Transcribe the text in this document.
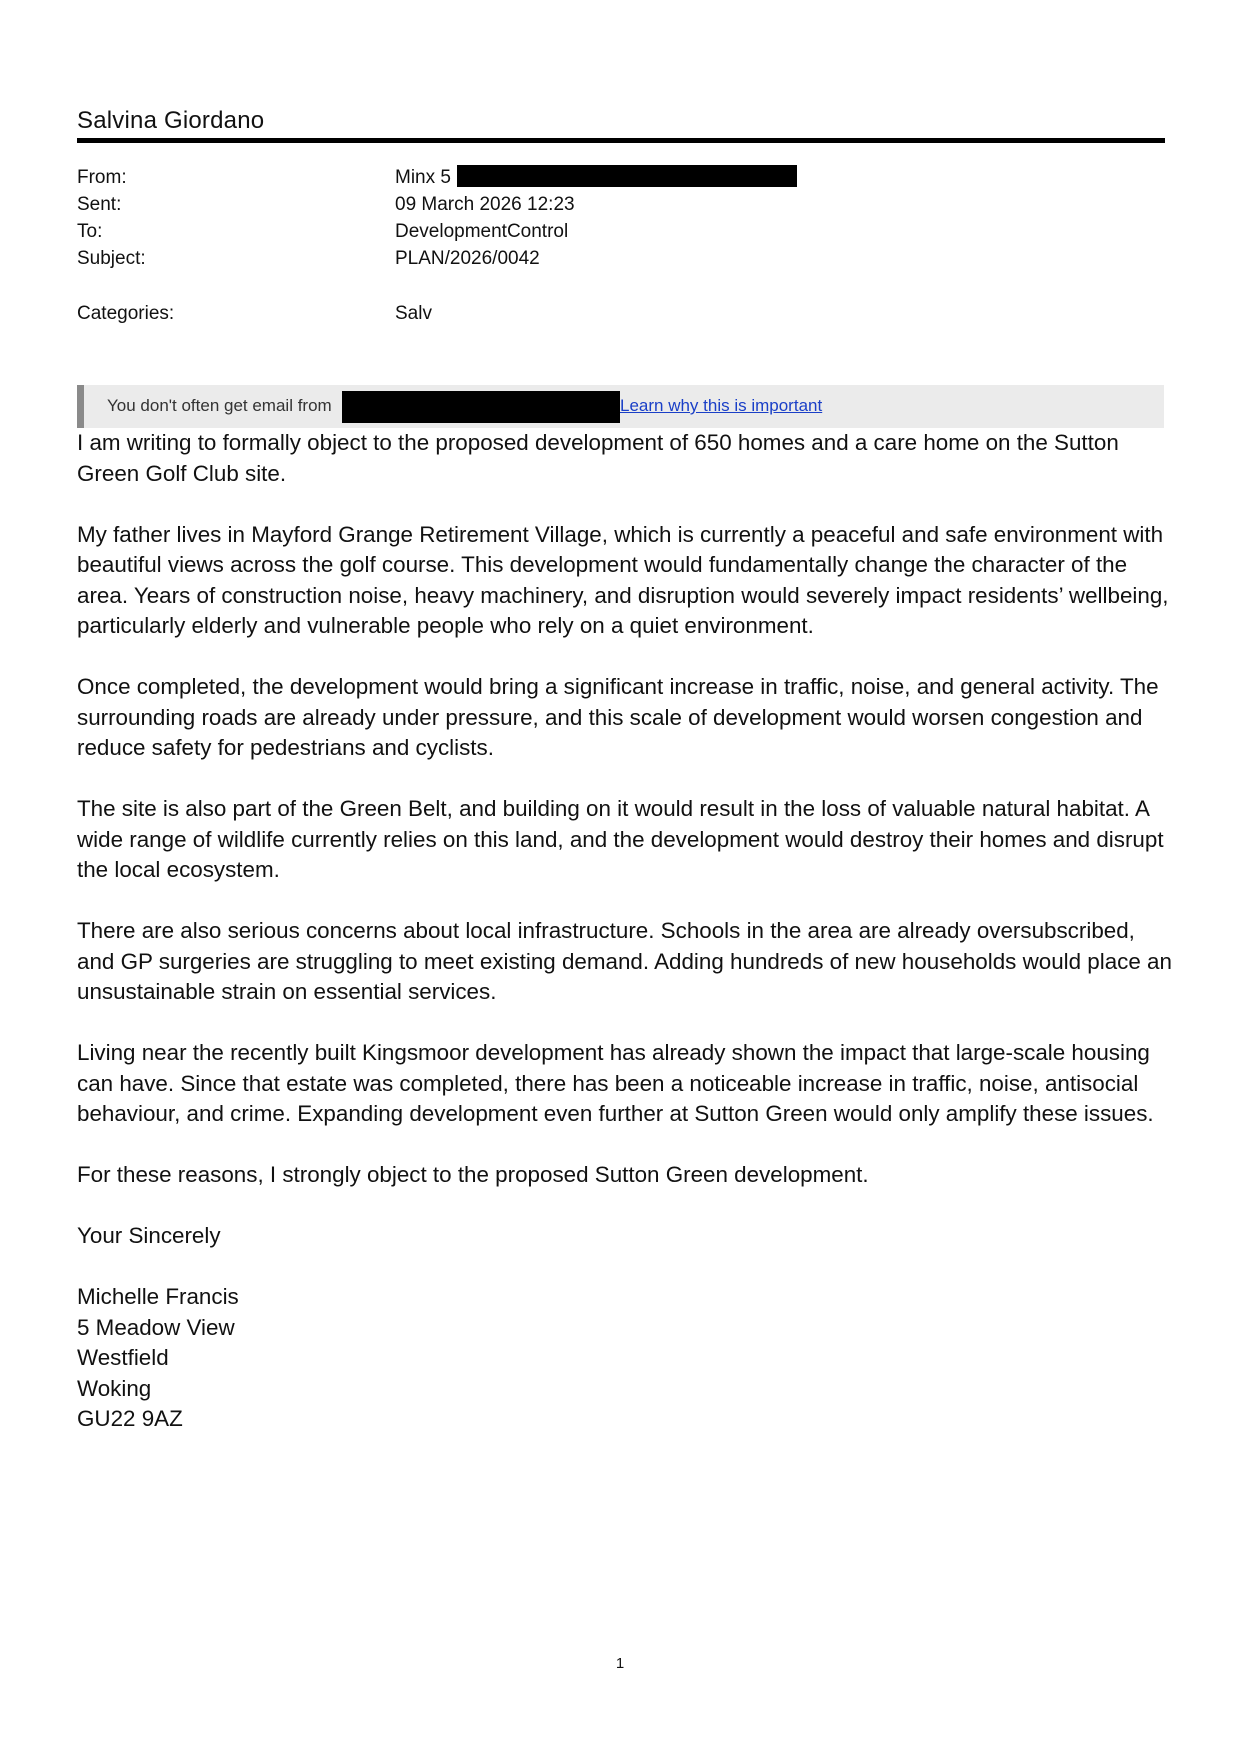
Salvina Giordano
From:	Minx 5
Sent:	09 March 2026 12:23
To:	DevelopmentControl
Subject:	PLAN/2026/0042
Categories:	Salv
You don't often get email from	Learn why this is important

I am writing to formally object to the proposed development of 650 homes and a care home on the Sutton Green Golf Club site.

My father lives in Mayford Grange Retirement Village, which is currently a peaceful and safe environment with beautiful views across the golf course. This development would fundamentally change the character of the area. Years of construction noise, heavy machinery, and disruption would severely impact residents’ wellbeing, particularly elderly and vulnerable people who rely on a quiet environment.

Once completed, the development would bring a significant increase in traffic, noise, and general activity. The surrounding roads are already under pressure, and this scale of development would worsen congestion and reduce safety for pedestrians and cyclists.

The site is also part of the Green Belt, and building on it would result in the loss of valuable natural habitat. A wide range of wildlife currently relies on this land, and the development would destroy their homes and disrupt the local ecosystem.

There are also serious concerns about local infrastructure. Schools in the area are already oversubscribed, and GP surgeries are struggling to meet existing demand. Adding hundreds of new households would place an unsustainable strain on essential services.

Living near the recently built Kingsmoor development has already shown the impact that large-scale housing can have. Since that estate was completed, there has been a noticeable increase in traffic, noise, antisocial behaviour, and crime. Expanding development even further at Sutton Green would only amplify these issues.

For these reasons, I strongly object to the proposed Sutton Green development.

Your Sincerely

Michelle Francis
5 Meadow View
Westfield
Woking
GU22 9AZ

1
